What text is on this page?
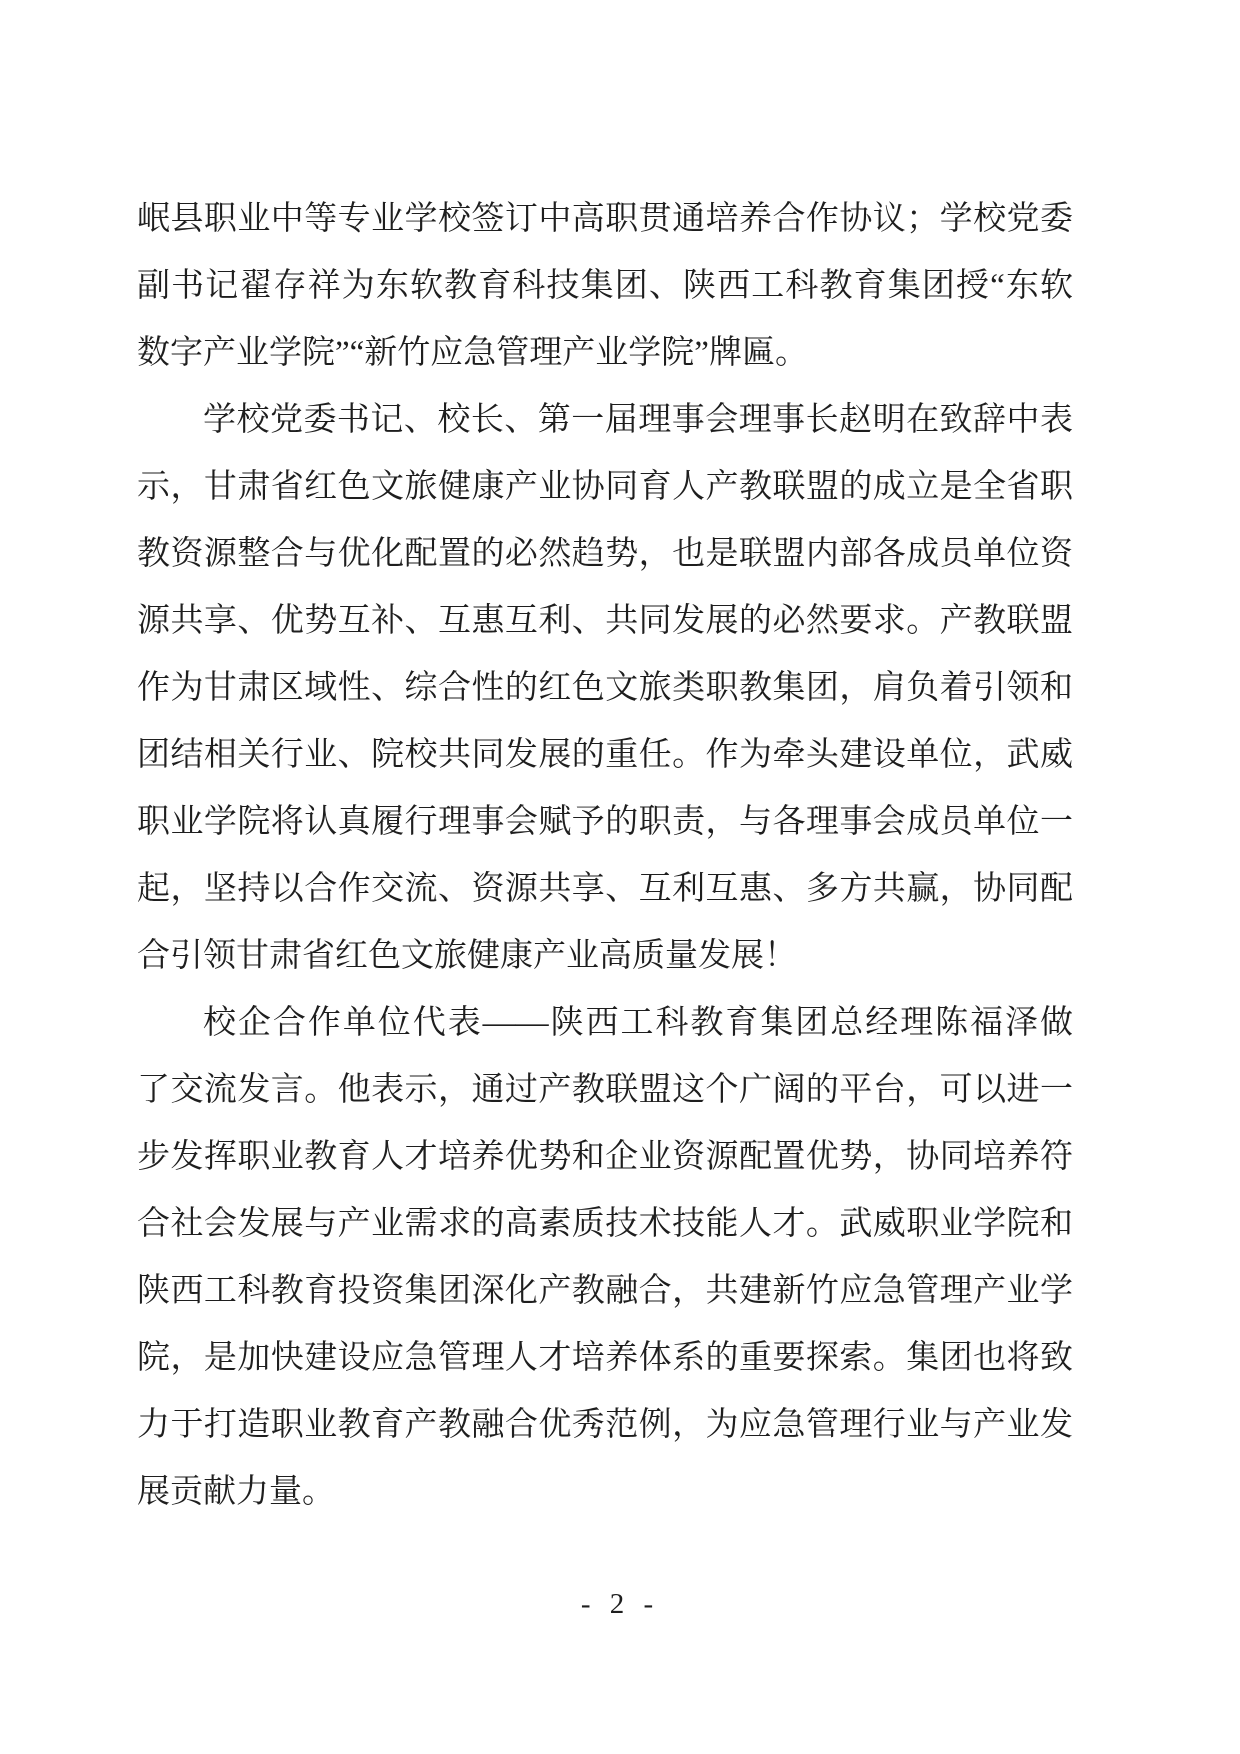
岷县职业中等专业学校签订中高职贯通培养合作协议；学校党委
副书记翟存祥为东软教育科技集团、陕西工科教育集团授“东软
数字产业学院”“新竹应急管理产业学院”牌匾。
学校党委书记、校长、第一届理事会理事长赵明在致辞中表
示，甘肃省红色文旅健康产业协同育人产教联盟的成立是全省职
教资源整合与优化配置的必然趋势，也是联盟内部各成员单位资
源共享、优势互补、互惠互利、共同发展的必然要求。产教联盟
作为甘肃区域性、综合性的红色文旅类职教集团，肩负着引领和
团结相关行业、院校共同发展的重任。作为牵头建设单位，武威
职业学院将认真履行理事会赋予的职责，与各理事会成员单位一
起，坚持以合作交流、资源共享、互利互惠、多方共赢，协同配
合引领甘肃省红色文旅健康产业高质量发展！
校企合作单位代表——陕西工科教育集团总经理陈福泽做
了交流发言。他表示，通过产教联盟这个广阔的平台，可以进一
步发挥职业教育人才培养优势和企业资源配置优势，协同培养符
合社会发展与产业需求的高素质技术技能人才。武威职业学院和
陕西工科教育投资集团深化产教融合，共建新竹应急管理产业学
院，是加快建设应急管理人才培养体系的重要探索。集团也将致
力于打造职业教育产教融合优秀范例，为应急管理行业与产业发
展贡献力量。
- 2 -
